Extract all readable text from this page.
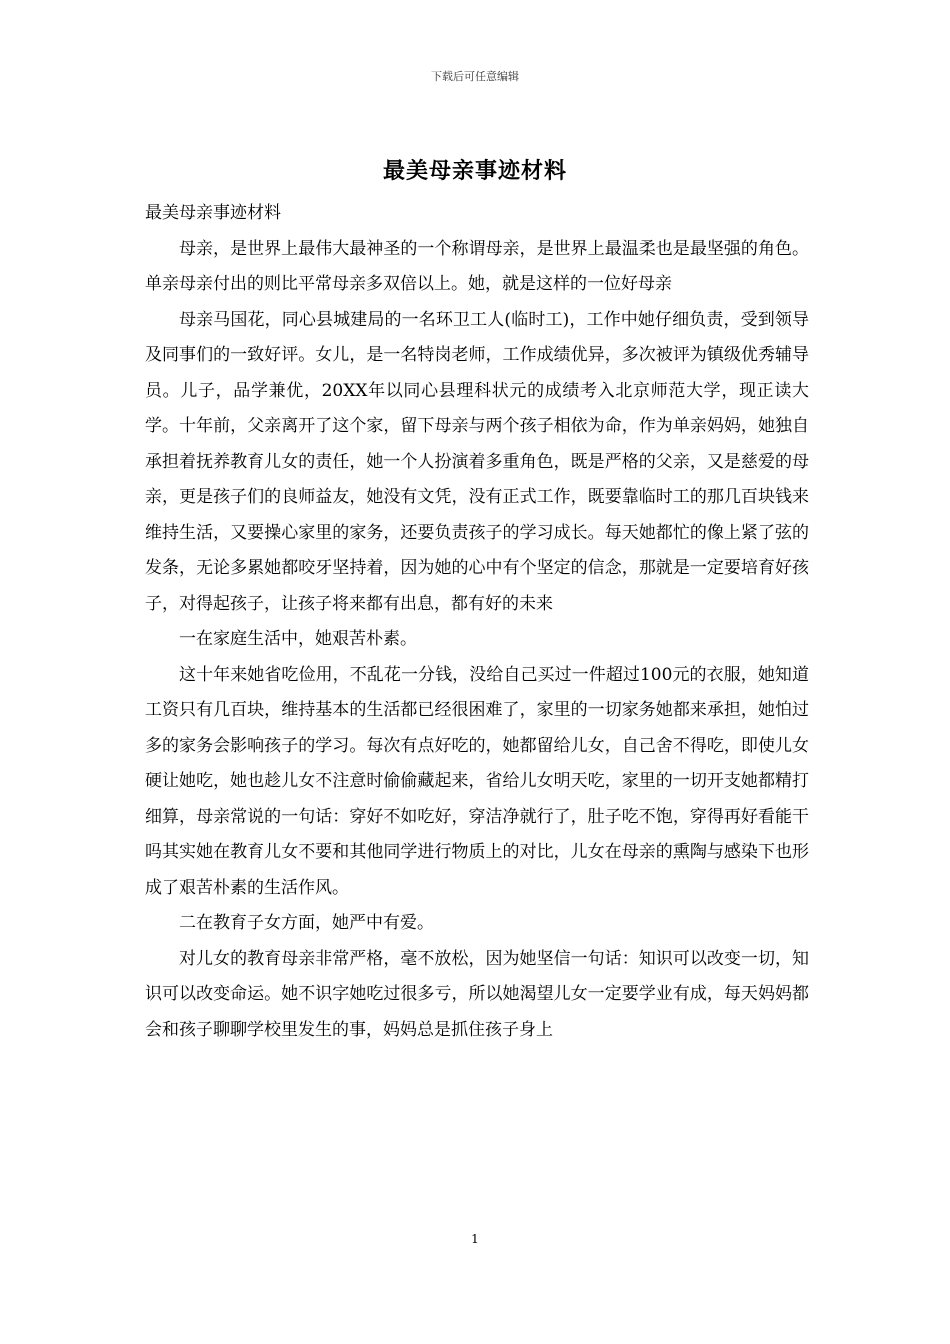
下载后可任意编辑
最美母亲事迹材料

最美母亲事迹材料

母亲，是世界上最伟大最神圣的一个称谓母亲，是世界上最温柔也是最坚强的角色。单亲母亲付出的则比平常母亲多双倍以上。她，就是这样的一位好母亲

母亲马国花，同心县城建局的一名环卫工人(临时工)，工作中她仔细负责，受到领导及同事们的一致好评。女儿，是一名特岗老师，工作成绩优异，多次被评为镇级优秀辅导员。儿子，品学兼优，20XX年以同心县理科状元的成绩考入北京师范大学，现正读大学。十年前，父亲离开了这个家，留下母亲与两个孩子相依为命，作为单亲妈妈，她独自承担着抚养教育儿女的责任，她一个人扮演着多重角色，既是严格的父亲，又是慈爱的母亲，更是孩子们的良师益友，她没有文凭，没有正式工作，既要靠临时工的那几百块钱来维持生活，又要操心家里的家务，还要负责孩子的学习成长。每天她都忙的像上紧了弦的发条，无论多累她都咬牙坚持着，因为她的心中有个坚定的信念，那就是一定要培育好孩子，对得起孩子，让孩子将来都有出息，都有好的未来

一在家庭生活中，她艰苦朴素。

这十年来她省吃俭用，不乱花一分钱，没给自己买过一件超过100元的衣服，她知道工资只有几百块，维持基本的生活都已经很困难了，家里的一切家务她都来承担，她怕过多的家务会影响孩子的学习。每次有点好吃的，她都留给儿女，自己舍不得吃，即使儿女硬让她吃，她也趁儿女不注意时偷偷藏起来，省给儿女明天吃，家里的一切开支她都精打细算，母亲常说的一句话：穿好不如吃好，穿洁净就行了，肚子吃不饱，穿得再好看能干吗其实她在教育儿女不要和其他同学进行物质上的对比，儿女在母亲的熏陶与感染下也形成了艰苦朴素的生活作风。

二在教育子女方面，她严中有爱。

对儿女的教育母亲非常严格，毫不放松，因为她坚信一句话：知识可以改变一切，知识可以改变命运。她不识字她吃过很多亏，所以她渴望儿女一定要学业有成，每天妈妈都会和孩子聊聊学校里发生的事，妈妈总是抓住孩子身上

1
